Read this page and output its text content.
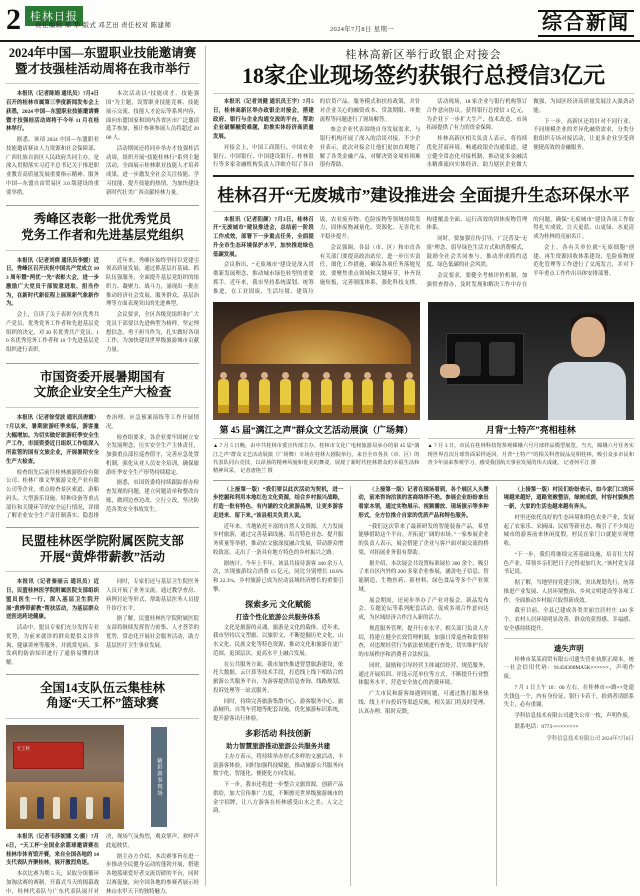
2 桂林日报
责任编辑 郑 华 版式 邓艺田 责任校对 陈建师
2024年7月8日 星期一	综合新闻
2024年中国—东盟职业技能邀请赛
暨才技强桂活动周将在我市举行

本报讯（记者陈娟 通讯员）7月4日召开的桂林市属第三季度新闻发布会上获悉，2024 中国—东盟职业技能邀请赛暨才技强桂活动周将于今年 11 月在桂林举行。

据悉，该项 2024 中国—东盟职业技能邀请赛由人力资源和社会保障部、广西壮族自治区人民政府共同主办，是深入贯彻落实习近平总书记关于推进职业教育高质量发展重要指示精神、服务中国—东盟自由贸易区 3.0 版建设的重要举措。

本次活动以“技能成才、技能强国”为主题，设置职业技能竞赛、技能展示交流、技能人才论坛等系列内容，面向东盟国家和国内各省区市广泛邀请选手参加，预计参赛参展人员将超过 2000 人。

活动期间还将同步举办才技强桂活动周，组织开展“技能桂林行”系列主题活动，全面展示桂林职业技能人才培养成果，进一步激发全社会关注技能、学习技能、提升技能的热情，为加快建设新时代壮美广西贡献桂林力量。

秀峰区表彰一批优秀党员
党务工作者和先进基层党组织

本报讯（记者刘倩 通讯员李媛）近日，秀峰区召开庆祝中国共产党成立 103 周年暨“两优一先”表彰大会，进一步激励广大党员干部锐意进取、担当作为，在新时代新征程上展现新气象新作为。

会上，宣读了关于表彰全区优秀共产党员、优秀党务工作者和先进基层党组织的决定，对 30 名优秀共产党员、10 名优秀党务工作者和 10 个先进基层党组织进行表彰。

近年来，秀峰区始终坚持以党建引领高质量发展，通过抓基层打基础、抓队伍强服务，全面提升基层党组织的组织力、凝聚力、战斗力，涌现出一批在推动经济社会发展、服务群众、基层治理等方面表现突出的先进典型。

会议要求，全区各级党组织和广大党员干部要以先进典型为榜样，坚定理想信念，勇于担当作为，扎实做好各项工作，为加快建设世界级旅游城市贡献力量。

市国资委开展暑期国有
文旅企业安全生产大检查

本报讯（记者徐莹波 通讯员唐霞）7月以来，暑期旅游旺季来临，游客量大幅增加。为切实做好旅游旺季安全生产工作，市国资委近日组织工作组深入所监管的国有文旅企业，开展暑期安全生产大检查。

检查组先后前往桂林旅游股份有限公司、桂林广维文华旅游文化产业有限公司等企业，重点检查景区索道、游船码头、大型游乐设施、特种设备等重点部位和关键环节的安全运行情况，详细了解企业安全生产责任制落实、隐患排查治理、应急预案演练等工作开展情况。

检查组要求，各企业要牢固树立安全发展理念，压实安全生产主体责任，加强重点部位巡查值守，完善应急处置机制，强化从业人员安全培训，确保旅游旺季安全生产形势持续稳定。

据悉，市国资委将持续跟踪督办检查发现的问题，建立问题清单和整改台账，做到边查边改、立行立改，坚决防范各类安全事故发生。

民盟桂林医学院附属医院支部
开展“黄烨带薪教”活动

本报讯（记者秦丽云 通讯员）近日，民盟桂林医学院附属医院支部组织盟员医生一行，深入基层卫生院开展“黄烨带薪教”帮扶活动，为基层群众送医送药送健康。

活动中，盟员专家们充分发挥专业优势，为前来就诊的群众提供义诊咨询、健康讲座等服务，并就常见病、多发病的防治知识进行了通俗易懂的讲解。

同时，专家们还与基层卫生院医务人员开展了业务交流，通过教学查房、病例讨论等形式，帮助基层医务人员提升诊疗水平。

据了解，民盟桂林医学院附属医院支部将继续发挥智力密集、人才荟萃的优势，常态化开展社会服务活动，助力基层医疗卫生事业发展。

全国14支队伍云集桂林
角逐“天工杯”篮球赛
天工杯
精彩赛事现场

本报讯（记者韦莎妮娜 文/摄）7月6日，“天工杯”全国业余篮球邀请赛在桂林市体育馆开赛，来自全国各地的 14 支代表队齐聚桂林，展开激烈角逐。

本次比赛为期 5 天，采取分组循环加淘汰赛的赛制。开幕式当天的揭幕战中，桂林代表队与广东代表队展开对决，现场气氛热烈，观众掌声、欢呼声此起彼伏。

据主办方介绍，本次赛事旨在进一步推动全民健身运动的蓬勃开展，搭建各地篮球爱好者交流切磋的平台，同时以赛促旅，向全国各地的参赛者展示桂林山水甲天下的独特魅力。

桂林高新区举行政银企对接会
18家企业现场签约获银行总授信3亿元

本报讯（记者刘健 通讯员王宇）7月5日，桂林高新区举办政银企对接会，搭建政府、银行与企业沟通交流的平台，帮助企业破解融资难题，助推实体经济高质量发展。

对接会上，中国工商银行、中国农业银行、中国银行、中国建设银行、桂林银行等多家金融机构负责人详细介绍了各自的信贷产品、服务模式和扶持政策，并针对企业关心的融资成本、贷款期限、审批流程等问题进行了现场解答。

参会企业代表围绕自身发展需求，与银行机构开展了深入的洽谈对接。不少企业表示，此次对接会让他们更加直观地了解了各类金融产品，对解决资金周转困难很有帮助。

活动现场，18 家企业与银行机构签订合作意向协议，获得银行总授信 3 亿元，为企业下一步扩大生产、技术改造、市场拓展提供了有力的资金保障。

桂林高新区相关负责人表示，将持续优化营商环境，畅通政银企沟通渠道，建立健全常态化对接机制，推动更多金融活水精准流向实体经济，助力辖区企业做大做强，为园区经济高质量发展注入强劲动能。

下一步，高新区还将针对不同行业、不同规模企业的差异化融资需求，分类分批组织专场对接活动，让更多企业享受到便捷高效的金融服务。

桂林召开“无废城市”建设推进会 全面提升生态环保水平

本报讯（记者阳颜）7月3日，桂林召开“无废城市”建设推进会，总结前一阶段工作成效，部署下一步重点任务，全面提升全市生态环境保护水平，加快推进绿色低碳发展。

会议指出，“无废城市”建设是深入贯彻新发展理念、推动城市绿色转型的重要抓手。近年来，我市坚持系统谋划、统筹推进，在工业固废、生活垃圾、建筑垃圾、农业废弃物、危险废物等领域持续发力，固体废物减量化、资源化、无害化水平稳步提升。

会议强调，各县（市、区）和市直各有关部门要提高政治站位，进一步压实责任，细化工作措施，确保各项任务落地见效。要聚焦重点领域和关键环节，补齐设施短板，完善制度体系，强化科技支撑，构建覆盖全面、运行高效的固体废物管理体系。

同时，要加强宣传引导，广泛普及“无废”理念，倡导绿色生活方式和消费模式，鼓励全社会共同参与，推动形成简约适度、绿色低碳的社会风尚。

会议要求，要健全考核评价机制，加强督查督办，及时发现和解决工作中存在的问题，确保“无废城市”建设各项工作取得扎实成效，让天更蓝、山更绿、水更清成为桂林的亮丽名片。

会上，各有关单位就“无废细胞”创建、再生资源回收体系建设、危险废物规范化管理等工作进行了交流发言，并对下半年重点工作作出具体安排部署。

第 45 届“漓江之声”群众文艺活动展演（广场舞）

▲ 7 月 5 日晚，由中共桂林市委宣传部主办、桂林市文化广电和旅游局承办的第 45 届“漓江之声”群众文艺活动展演（广场舞）专场在桂林大剧院举行。来自全市各县（市、区）的代表队同台竞技，以昂扬的精神风貌和优美的舞姿，展现了新时代桂林群众的幸福生活和精神风采。 记者唐艳兰 摄

月背“土特产”亮相桂林

▲ 7 月 3 日，市民在桂林科技馆参观嫦娥六号月球样品模型展览。当天，嫦娥六号任务实现世界首次月球背面采样返回，月背“土特产”的相关科普展品亮相桂林，吸引众多市民和青少年前来参观学习，感受我国航天事业发展的伟大成就。 记者何平江 摄

（上接第一版）“我们要以此次活动为契机，进一步挖掘和利用本地红色文化资源，结合乡村振兴战略，打造一批有特色、有内涵的文化旅游品牌，让更多游客走进来、留下来。”该县相关负责人说。

近年来，当地依托丰富的自然人文资源，大力发展乡村旅游，通过完善基础设施、培育特色业态、提升服务质量等举措，推动农文旅深度融合发展，带动群众增收致富，走出了一条具有地方特色的乡村振兴之路。

据统计，今年上半年，该县共接待游客 180 余万人次，实现旅游综合消费 15 亿元，同比分别增长 18.6% 和 22.3%，乡村旅游已成为拉动县域经济增长的重要引擎。

探索多元 文化赋能
打造个性化旅游公共服务体系

文化是旅游的灵魂，旅游是文化的载体。近年来，我市坚持以文塑旅、以旅彰文，不断挖掘历史文化、山水文化、民族文化等特色资源，推动文化和旅游在更广范围、更深层次、更高水平上融合发展。

在公共服务方面，我市加快推进智慧旅游建设，依托大数据、云计算等技术手段，打造线上线下相结合的旅游公共服务平台，为游客提供信息查询、线路规划、投诉处理等一站式服务。

同时，持续完善旅游集散中心、游客服务中心、旅游厕所、自驾车营地等配套设施，优化旅游标识系统，提升游客出行体验。

多彩活动 科技创新
助力智慧旅游推动旅游公共服务共建

主办方表示，将持续举办形式多样的文旅活动，丰富游客体验，同时加强科技赋能，推动旅游公共服务向数字化、智能化、便捷化方向发展。

下一步，我市还将进一步整合文旅资源，创新产品供给，加大宣传推广力度，不断擦亮世界级旅游城市的金字招牌，让八方游客在桂林感受山水之美、人文之韵。

（上接第一版）记者在现场看到，各个展区人头攒动，前来咨询洽谈的客商络绎不绝。参展企业纷纷拿出看家本领，通过实物展示、视频播放、现场演示等多种形式，全方位推介自家的优质产品和特色服务。

“我们这次带来了最新研发的智能装备产品，希望能够借助这个平台，开拓更广阔的市场。”一家参展企业的负责人表示，展会搭建了企业与客户面对面交流的桥梁，对拓展业务很有帮助。

据介绍，本次展会共设置标准展位 300 余个，吸引了来自区内外的 200 多家企业参展，涵盖电子信息、智能制造、生物医药、新材料、绿色食品等多个产业领域。

展会期间，还同步举办了产业对接会、新品发布会、专题论坛等系列配套活动，促成多项合作意向达成，为区域经济合作注入新的活力。

规范服务管理，提升行业水平。相关部门负责人介绍，将建立健全长效管理机制，加强日常巡查和监督检查，对违规经营行为依法依规进行查处，切实维护良好的市场秩序和消费者合法权益。

同时，鼓励和引导经营主体诚信经营、规范服务，通过开展培训、评选示范单位等方式，不断提升行业整体服务水平，营造安全放心的消费环境。

广大市民和游客如遇到问题，可通过拨打服务热线、线上平台投诉等渠道反映，相关部门将及时受理、认真办理、限时反馈。

（上接第一版）村民们纷纷表示，如今家门口的环境越来越好，道路宽敞整洁，绿树成荫，村容村貌焕然一新，大家的生活也越来越有奔头。

村里还依托良好的生态环境和特色农业产业，发展起了农家乐、采摘园、民宿等新业态，吸引了不少周边城市的游客前来休闲度假，村民在家门口就能实现增收。

“下一步，我们将继续完善基础设施，培育壮大特色产业，带领乡亲们把日子过得更加红火。”该村党支部书记说。

据了解，当地坚持党建引领，突出规划先行，统筹推进产业发展、人居环境整治、乡风文明建设等各项工作，全面推动乡村振兴取得新成效。

截至目前，全县已建成各类美丽宜居村庄 120 多个，农村人居环境明显改善，群众的获得感、幸福感、安全感持续提升。

遗失声明

桂林市某某商贸有限公司遗失营业执照正副本，统一社会信用代码：91450300MA5K××××××，声明作废。

7 月 1 日上午 10：00 左右，在桂林市××路××处遗失钱包一个，内有身份证、银行卡若干，拾到者请联系失主，必有重谢。

学科信息技术有限公司遗失公章一枚，声明作废。

联系电话：0773-××××××××

学科信息技术有限公司 2024年7月8日
